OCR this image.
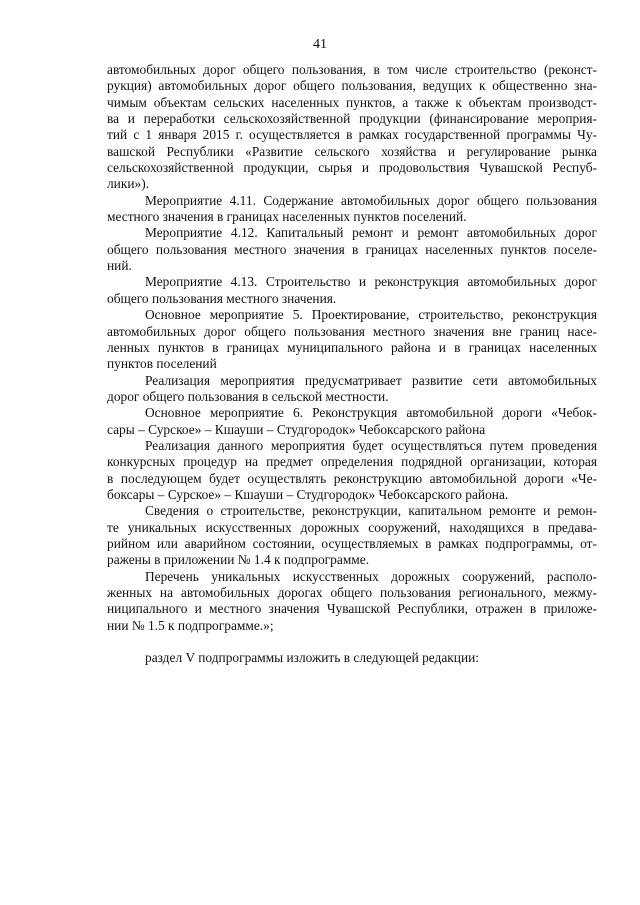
41
автомобильных дорог общего пользования, в том числе строительство (реконст-
рукция) автомобильных дорог общего пользования, ведущих к общественно зна-
чимым объектам сельских населенных пунктов, а также к объектам производст-
ва и переработки сельскохозяйственной продукции (финансирование мероприя-
тий с 1 января 2015 г. осуществляется в рамках государственной программы Чу-
вашской Республики «Развитие сельского хозяйства и регулирование рынка
сельскохозяйственной продукции, сырья и продовольствия Чувашской Респуб-
лики»).
Мероприятие 4.11. Содержание автомобильных дорог общего пользования
местного значения в границах населенных пунктов поселений.
Мероприятие 4.12. Капитальный ремонт и ремонт автомобильных дорог
общего пользования местного значения в границах населенных пунктов поселе-
ний.
Мероприятие 4.13. Строительство и реконструкция автомобильных дорог
общего пользования местного значения.
Основное мероприятие 5. Проектирование, строительство, реконструкция
автомобильных дорог общего пользования местного значения вне границ насе-
ленных пунктов в границах муниципального района и в границах населенных
пунктов поселений
Реализация мероприятия предусматривает развитие сети автомобильных
дорог общего пользования в сельской местности.
Основное мероприятие 6. Реконструкция автомобильной дороги «Чебок-
сары – Сурское» – Кшауши – Студгородок» Чебоксарского района
Реализация данного мероприятия будет осуществляться путем проведения
конкурсных процедур на предмет определения подрядной организации, которая
в последующем будет осуществлять реконструкцию автомобильной дороги «Че-
боксары – Сурское» – Кшауши – Студгородок» Чебоксарского района.
Сведения о строительстве, реконструкции, капитальном ремонте и ремон-
те уникальных искусственных дорожных сооружений, находящихся в предава-
рийном или аварийном состоянии, осуществляемых в рамках подпрограммы, от-
ражены в приложении № 1.4 к подпрограмме.
Перечень уникальных искусственных дорожных сооружений, располо-
женных на автомобильных дорогах общего пользования регионального, межму-
ниципального и местного значения Чувашской Республики, отражен в приложе-
нии № 1.5 к подпрограмме.»;
раздел V подпрограммы изложить в следующей редакции:
